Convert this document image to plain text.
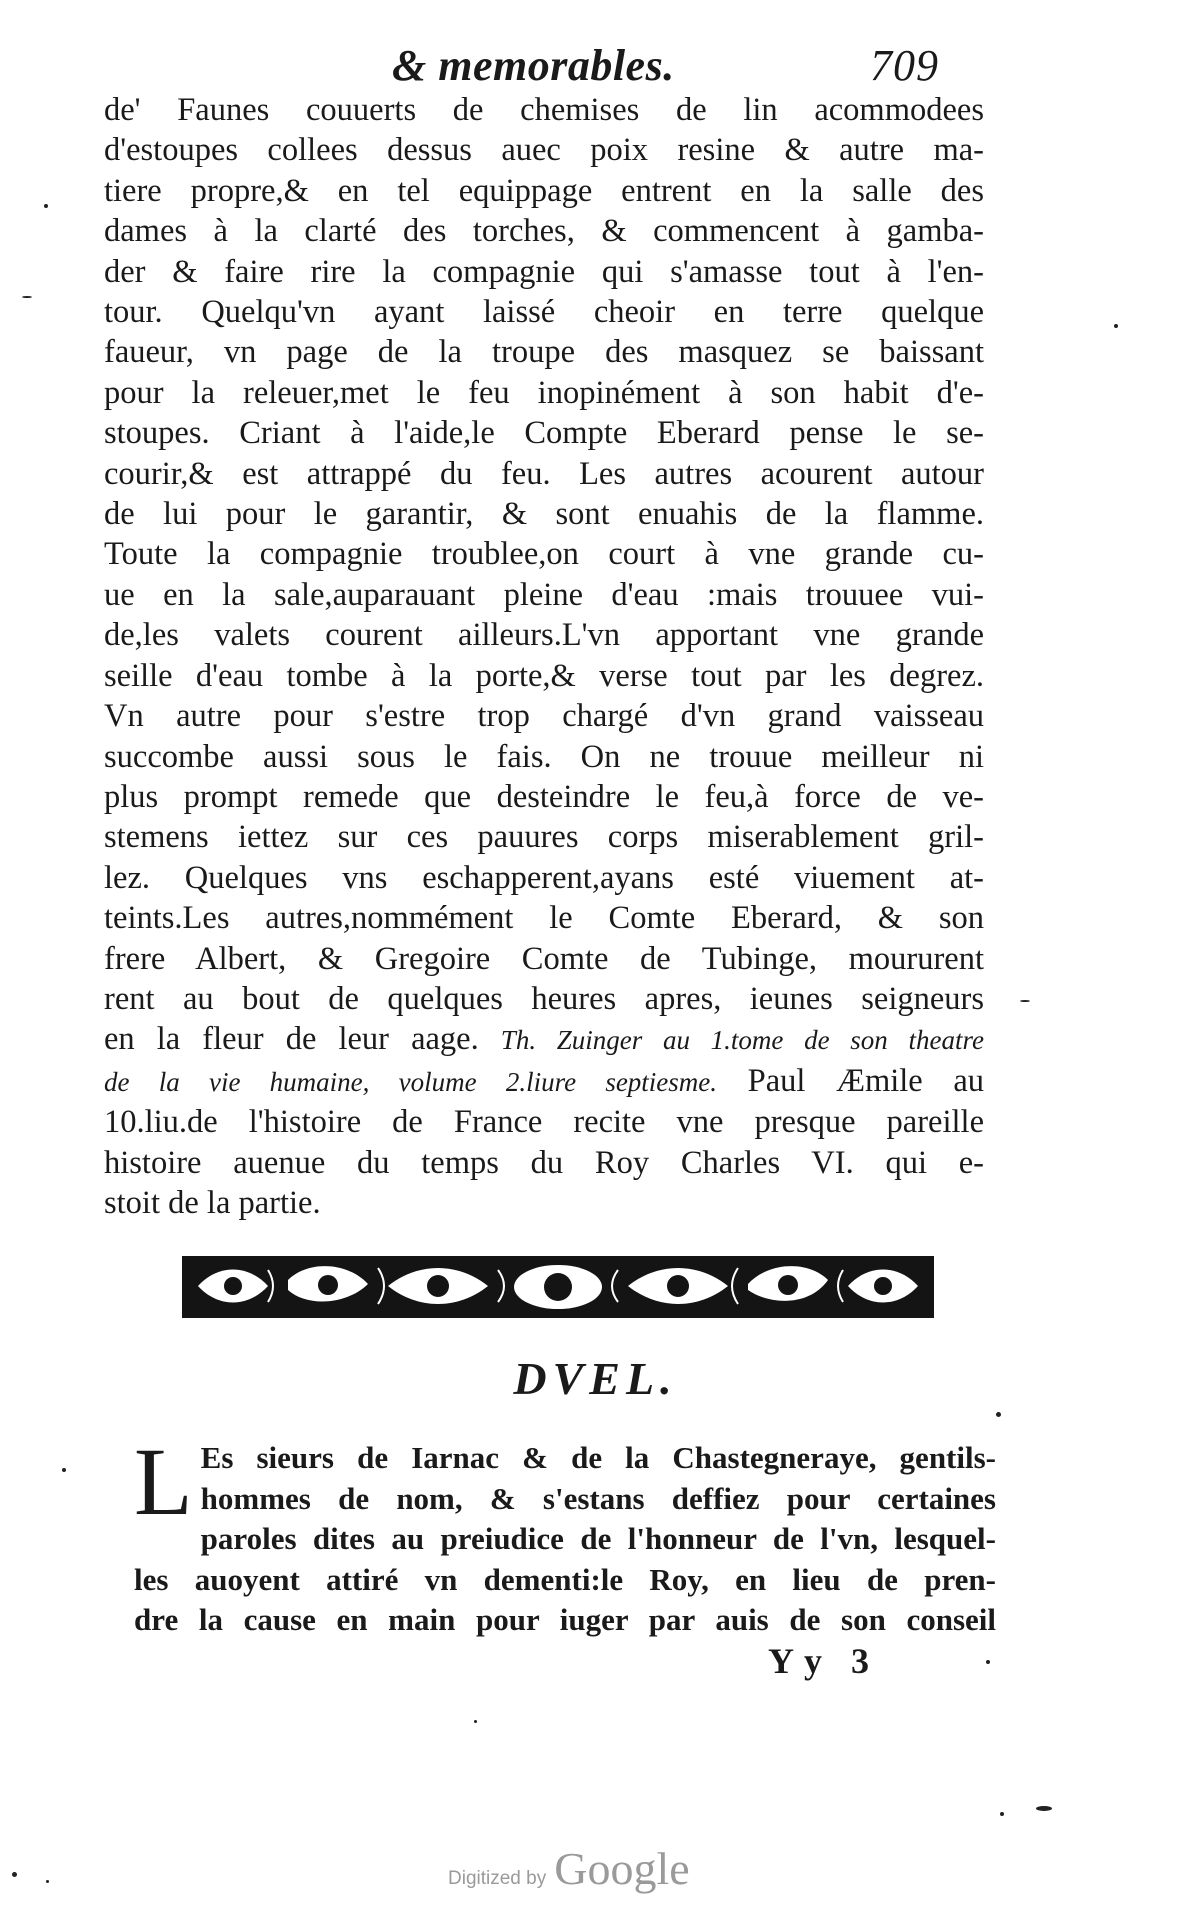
& memorables.	709
de' Faunes couuerts de chemises de lin acommodees
d'estoupes collees dessus auec poix resine & autre ma-
tiere propre,& en tel equippage entrent en la salle des
dames à la clarté des torches, & commencent à gamba-
der & faire rire la compagnie qui s'amasse tout à l'en-
tour. Quelqu'vn ayant laissé cheoir en terre quelque
faueur, vn page de la troupe des masquez se baissant
pour la releuer,met le feu inopinément à son habit d'e-
stoupes. Criant à l'aide,le Compte Eberard pense le se-
courir,& est attrappé du feu. Les autres acourent autour
de lui pour le garantir, & sont enuahis de la flamme.
Toute la compagnie troublee,on court à vne grande cu-
ue en la sale,auparauant pleine d'eau :mais trouuee vui-
de,les valets courent ailleurs.L'vn apportant vne grande
seille d'eau tombe à la porte,& verse tout par les degrez.
Vn autre pour s'estre trop chargé d'vn grand vaisseau
succombe aussi sous le fais. On ne trouue meilleur ni
plus prompt remede que desteindre le feu,à force de ve-
stemens iettez sur ces pauures corps miserablement gril-
lez. Quelques vns eschapperent,ayans esté viuement at-
teints.Les autres,nommément le Comte Eberard, & son
frere Albert, & Gregoire Comte de Tubinge, moururent
rent au bout de quelques heures apres, ieunes seigneurs
en la fleur de leur aage. Th. Zuinger au 1.tome de son theatre
de la vie humaine, volume 2.liure septiesme. Paul Æmile au
10.liu.de l'histoire de France recite vne presque pareille
histoire auenue du temps du Roy Charles VI. qui e-
stoit de la partie.
DVEL.
L Es sieurs de Iarnac & de la Chastegneraye, gentils-
hommes de nom, & s'estans deffiez pour certaines
paroles dites au preiudice de l'honneur de l'vn, lesquel-
les auoyent attiré vn dementi:le Roy, en lieu de pren-
dre la cause en main pour iuger par auis de son conseil
Yy 3
Digitized by Google
